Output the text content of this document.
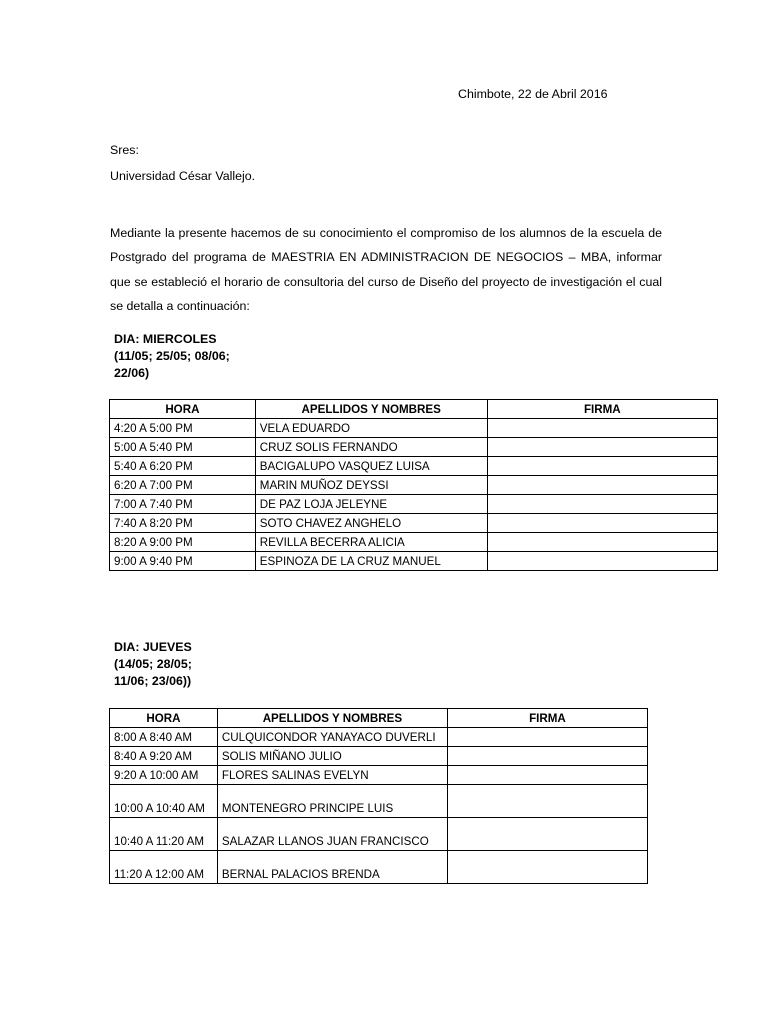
Chimbote, 22 de Abril 2016
Sres:
Universidad César Vallejo.
Mediante la presente hacemos de su conocimiento el compromiso de los alumnos de la escuela de Postgrado del programa de MAESTRIA EN ADMINISTRACION DE NEGOCIOS – MBA, informar que se estableció el horario de consultoria del curso de Diseño del proyecto de investigación el cual se detalla a continuación:
DIA: MIERCOLES
(11/05; 25/05; 08/06;
22/06)
HORA	APELLIDOS Y NOMBRES	FIRMA
4:20 A 5:00 PM	VELA EDUARDO	
5:00 A 5:40 PM	CRUZ SOLIS FERNANDO	
5:40 A 6:20 PM	BACIGALUPO VASQUEZ LUISA	
6:20 A 7:00 PM	MARIN MUÑOZ DEYSSI	
7:00 A 7:40 PM	DE PAZ LOJA JELEYNE	
7:40 A 8:20 PM	SOTO CHAVEZ ANGHELO	
8:20 A 9:00 PM	REVILLA BECERRA ALICIA	
9:00 A 9:40 PM	ESPINOZA DE LA CRUZ MANUEL	
DIA: JUEVES
(14/05; 28/05;
11/06; 23/06))
HORA	APELLIDOS Y NOMBRES	FIRMA
8:00 A 8:40 AM	CULQUICONDOR YANAYACO DUVERLI	
8:40 A 9:20 AM	SOLIS MIÑANO JULIO	
9:20 A 10:00 AM	FLORES SALINAS EVELYN	
10:00 A 10:40 AM	MONTENEGRO PRINCIPE LUIS	
10:40 A 11:20 AM	SALAZAR LLANOS JUAN FRANCISCO	
11:20 A 12:00 AM	BERNAL PALACIOS BRENDA	
